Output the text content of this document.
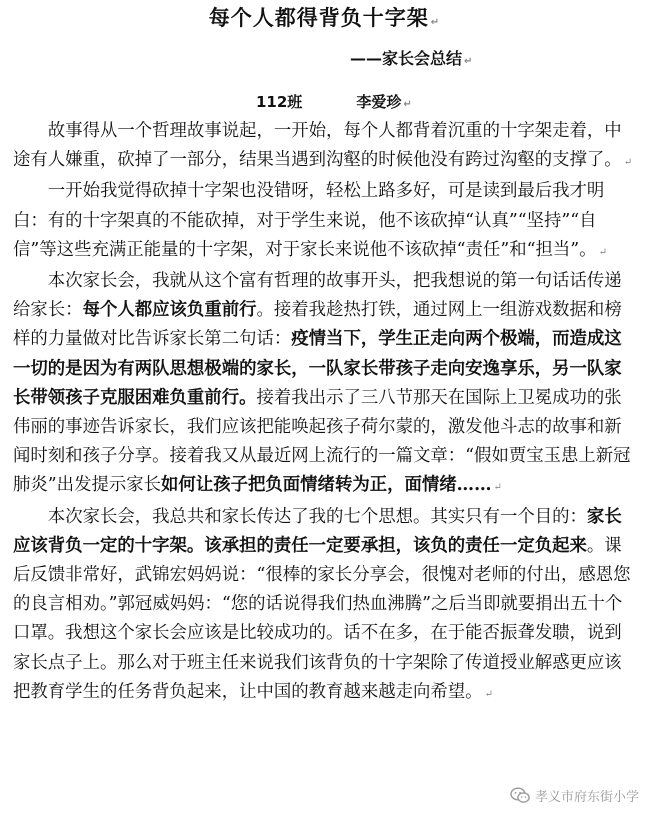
每个人都得背负十字架 ↵
——家长会总结 ↵
112班	李爱珍 ↵

故事得从一个哲理故事说起，一开始，每个人都背着沉重的十字架走着，中途有人嫌重，砍掉了一部分，结果当遇到沟壑的时候他没有跨过沟壑的支撑了。 ↵

一开始我觉得砍掉十字架也没错呀，轻松上路多好，可是读到最后我才明白：有的十字架真的不能砍掉，对于学生来说，他不该砍掉“认真”“坚持”“自信”等这些充满正能量的十字架，对于家长来说他不该砍掉“责任”和“担当”。 ↵

本次家长会，我就从这个富有哲理的故事开头，把我想说的第一句话话传递给家长：每个人都应该负重前行。接着我趁热打铁，通过网上一组游戏数据和榜样的力量做对比告诉家长第二句话：疫情当下，学生正走向两个极端，而造成这一切的是因为有两队思想极端的家长，一队家长带孩子走向安逸享乐，另一队家长带领孩子克服困难负重前行。接着我出示了三八节那天在国际上卫冕成功的张伟丽的事迹告诉家长，我们应该把能唤起孩子荷尔蒙的，激发他斗志的故事和新闻时刻和孩子分享。接着我又从最近网上流行的一篇文章：“假如贾宝玉患上新冠肺炎”出发提示家长如何让孩子把负面情绪转为正，面情绪…… ↵

本次家长会，我总共和家长传达了我的七个思想。其实只有一个目的：家长应该背负一定的十字架。该承担的责任一定要承担，该负的责任一定负起来。课后反馈非常好，武锦宏妈妈说：“很棒的家长分享会，很愧对老师的付出，感恩您的良言相劝。”郭冠威妈妈：“您的话说得我们热血沸腾”之后当即就要捐出五十个口罩。我想这个家长会应该是比较成功的。话不在多，在于能否振聋发聩，说到家长点子上。那么对于班主任来说我们该背负的十字架除了传道授业解惑更应该把教育学生的任务背负起来，让中国的教育越来越走向希望。 ↵

孝义市府东街小学
